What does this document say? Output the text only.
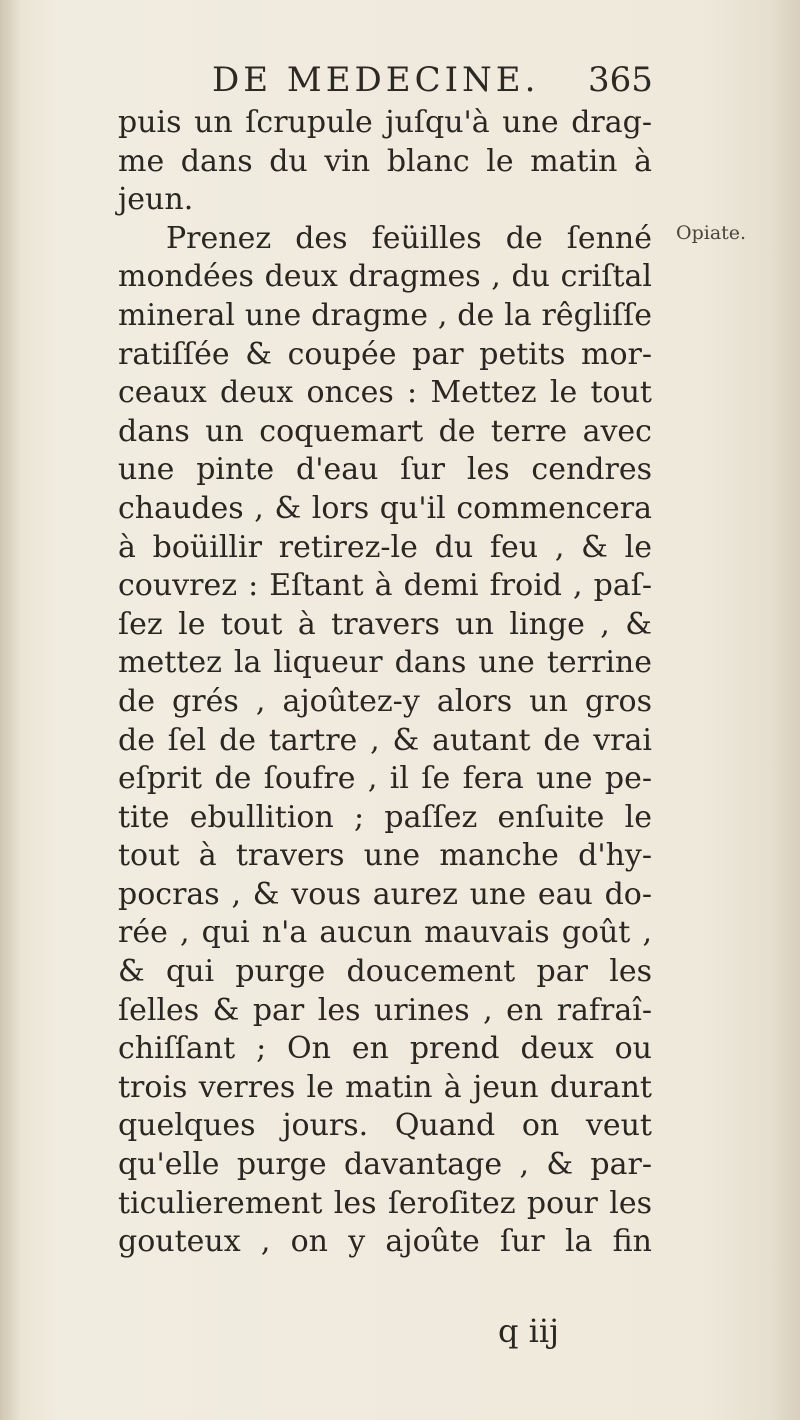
DE MEDECINE. 365
Opiate.
puis un ſcrupule juſqu'à une drag-
me dans du vin blanc le matin à
jeun.
Prenez des feüilles de ſenné
mondées deux dragmes , du criſtal
mineral une dragme , de la rêgliſſe
ratiſſée & coupée par petits mor-
ceaux deux onces : Mettez le tout
dans un coquemart de terre avec
une pinte d'eau ſur les cendres
chaudes , & lors qu'il commencera
à boüillir retirez-le du feu , & le
couvrez : Eſtant à demi froid , paſ-
ſez le tout à travers un linge , &
mettez la liqueur dans une terrine
de grés , ajoûtez-y alors un gros
de ſel de tartre , & autant de vrai
eſprit de ſoufre , il ſe fera une pe-
tite ebullition ; paſſez enſuite le
tout à travers une manche d'hy-
pocras , & vous aurez une eau do-
rée , qui n'a aucun mauvais goût ,
& qui purge doucement par les
ſelles & par les urines , en rafraî-
chiſſant ; On en prend deux ou
trois verres le matin à jeun durant
quelques jours. Quand on veut
qu'elle purge davantage , & par-
ticulierement les ſeroſitez pour les
gouteux , on y ajoûte ſur la fin
q iij
